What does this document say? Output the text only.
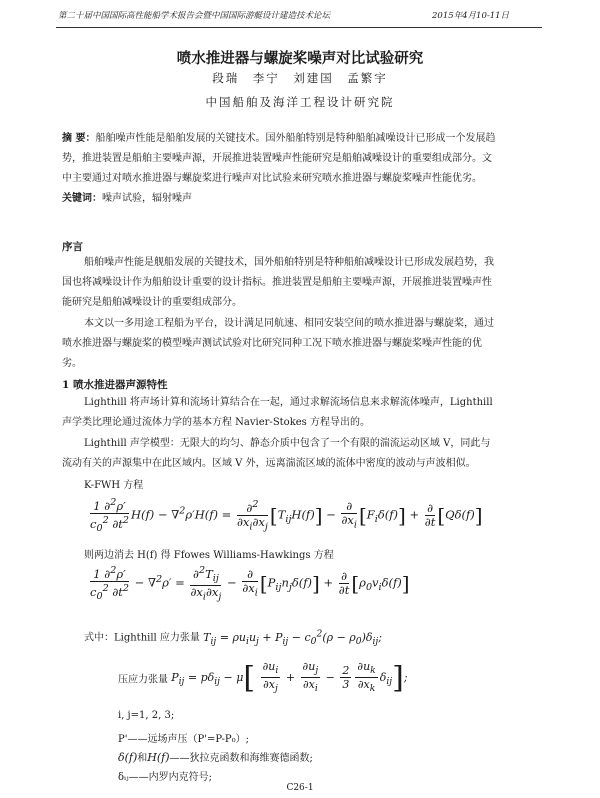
第二十届中国国际高性能船学术报告会暨中国国际游艇设计建造技术论坛	2015年4月10-11日
喷水推进器与螺旋桨噪声对比试验研究
段瑞　李宁　刘建国　孟繁宇
中国船舶及海洋工程设计研究院
摘 要：船舶噪声性能是船舶发展的关键技术。国外船舶特别是特种船舶减噪设计已形成一个发展趋
势，推进装置是船舶主要噪声源，开展推进装置噪声性能研究是船舶减噪设计的重要组成部分。文
中主要通过对喷水推进器与螺旋桨进行噪声对比试验来研究喷水推进器与螺旋桨噪声性能优劣。
关键词：噪声试验，辐射噪声
序言
船舶噪声性能是舰船发展的关键技术，国外船舶特别是特种船舶减噪设计已形成发展趋势，我
国也将减噪设计作为船舶设计重要的设计指标。推进装置是船舶主要噪声源，开展推进装置噪声性
能研究是船舶减噪设计的重要组成部分。
本文以一多用途工程船为平台，设计满足同航速、相同安装空间的喷水推进器与螺旋桨，通过
喷水推进器与螺旋桨的模型噪声测试试验对比研究同种工况下喷水推进器与螺旋桨噪声性能的优
劣。
1 喷水推进器声源特性
Lighthill 将声场计算和流场计算结合在一起，通过求解流场信息来求解流体噪声，Lighthill
声学类比理论通过流体力学的基本方程 Navier-Stokes 方程导出的。
Lighthill 声学模型：无限大的均匀、静态介质中包含了一个有限的湍流运动区域 V，同此与
流动有关的声源集中在此区域内。区域 V 外，远离湍流区域的流体中密度的波动与声波相似。
K-FWH 方程
$\frac{1 \partial^2\rho'}{c_0^2 \partial t^2} H(f) - \nabla^2\rho'H(f) = \frac{\partial^2}{\partial x_i\partial x_j} [T_{ij}H(f)] - \frac{\partial}{\partial x_i} [F_i\delta(f)] + \frac{\partial}{\partial t} [Q\delta(f)]$
则两边消去 H(f) 得 Ffowes Williams-Hawkings 方程
$\frac{1 \partial^2\rho'}{c_0^2 \partial t^2} - \nabla^2\rho' = \frac{\partial^2T_{ij}}{\partial x_i\partial x_j} - \frac{\partial}{\partial x_i} [P_{ij}n_j\delta(f)] + \frac{\partial}{\partial t} [\rho_0v_i\delta(f)]$
式中：Lighthill 应力张量 $T_{ij} = \rho u_iu_j + P_{ij} - c_0^2(\rho - \rho_0)\delta_{ij}$;
压应力张量 $P_{ij} = p\delta_{ij} - \mu[ \frac{\partial u_i}{\partial x_j} + \frac{\partial u_j}{\partial x_i} - \frac{2}{3} \frac{\partial u_k}{\partial x_k} \delta_{ij}]$;
i, j=1, 2, 3;
P'——远场声压（P'=P-P₀）;
δ(f)和H(f)——狄拉克函数和海维赛德函数;
δᵢⱼ——内罗内克符号;
C26-1
